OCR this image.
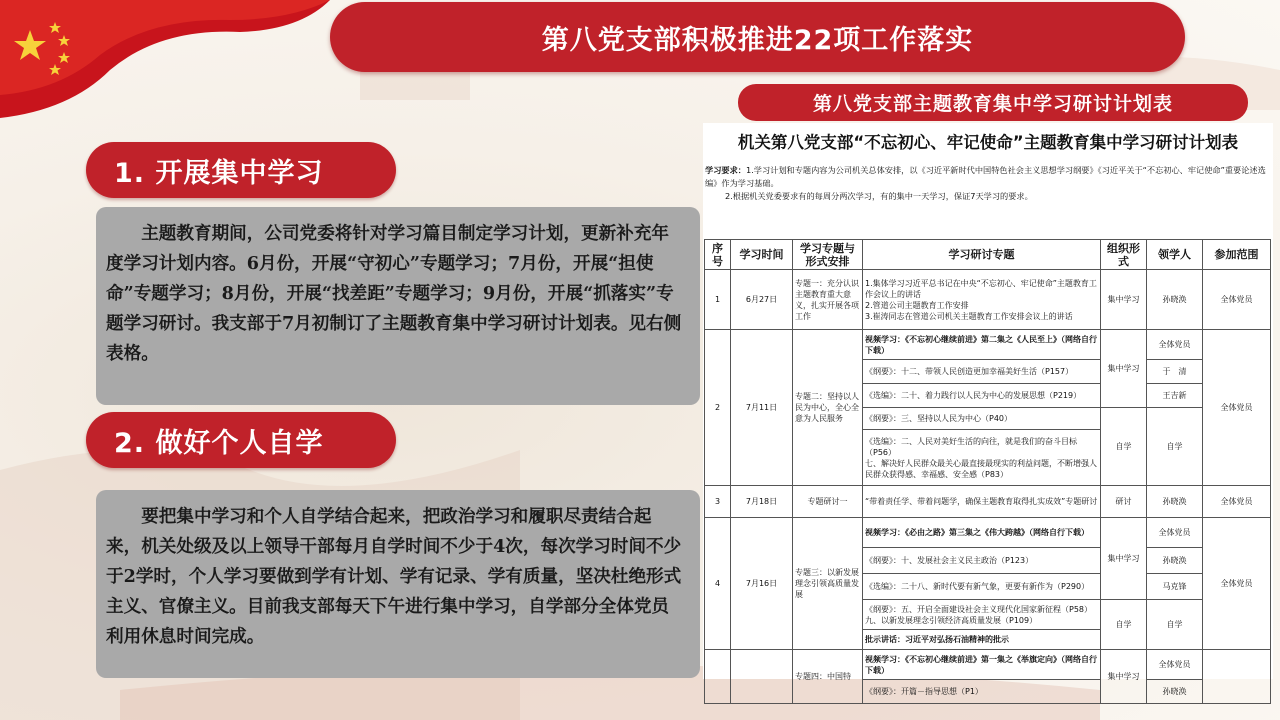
第八党支部积极推进22项工作落实
1. 开展集中学习

主题教育期间，公司党委将针对学习篇目制定学习计划，更新补充年度学习计划内容。6月份，开展“守初心”专题学习；7月份，开展“担使命”专题学习；8月份，开展“找差距”专题学习；9月份，开展“抓落实”专题学习研讨。我支部于7月初制订了主题教育集中学习研讨计划表。见右侧表格。

2. 做好个人自学

要把集中学习和个人自学结合起来，把政治学习和履职尽责结合起来，机关处级及以上领导干部每月自学时间不少于4次，每次学习时间不少于2学时，个人学习要做到学有计划、学有记录、学有质量，坚决杜绝形式主义、官僚主义。目前我支部每天下午进行集中学习，自学部分全体党员利用休息时间完成。

第八党支部主题教育集中学习研讨计划表
机关第八党支部“不忘初心、牢记使命”主题教育集中学习研讨计划表
学习要求：1.学习计划和专题内容为公司机关总体安排，以《习近平新时代中国特色社会主义思想学习纲要》《习近平关于“不忘初心、牢记使命”重要论述选编》作为学习基础。
2.根据机关党委要求有的每周分两次学习，有的集中一天学习，保证7天学习的要求。
序号	学习时间	学习专题与形式安排	学习研讨专题	组织形式	领学人	参加范围
1	6月27日	专题一：充分认识主题教育重大意义，扎实开展各项工作	1.集体学习习近平总书记在中央“不忘初心、牢记使命”主题教育工作会议上的讲话
2.管道公司主题教育工作安排
3.崔涛同志在管道公司机关主题教育工作安排会议上的讲话	集中学习	孙晓涣	全体党员
2	7月11日	专题二：坚持以人民为中心，全心全意为人民服务	视频学习：《不忘初心继续前进》第二集之《人民至上》（网络自行下载）	集中学习	全体党员	全体党员
			《纲要》：十二、带领人民创造更加幸福美好生活（P157）		于　清	
			《选编》：二十、着力践行以人民为中心的发展思想（P219）		王吉新	
			《纲要》：三、坚持以人民为中心（P40）	自学	自学	
			《选编》：二、人民对美好生活的向往，就是我们的奋斗目标（P56）
七、解决好人民群众最关心最直接最现实的利益问题，不断增强人民群众获得感、幸福感、安全感（P83）			
3	7月18日	专题研讨一	“带着责任学、带着问题学，确保主题教育取得扎实成效”专题研讨	研讨	孙晓涣	全体党员
4	7月16日	专题三：以新发展理念引领高质量发展	视频学习：《必由之路》第三集之《伟大跨越》（网络自行下载）	集中学习	全体党员	全体党员
			《纲要》：十、发展社会主义民主政治（P123）		孙晓涣	
			《选编》：二十八、新时代要有新气象，更要有新作为（P290）		马克锋	
			《纲要》：五、开启全面建设社会主义现代化国家新征程（P58）
九、以新发展理念引领经济高质量发展（P109）	自学	自学	
			批示讲话：习近平对弘扬石油精神的批示			
		专题四：中国特	视频学习：《不忘初心继续前进》第一集之《举旗定向》（网络自行下载）	集中学习	全体党员	
			《纲要》：开篇－指导思想（P1）		孙晓涣	
